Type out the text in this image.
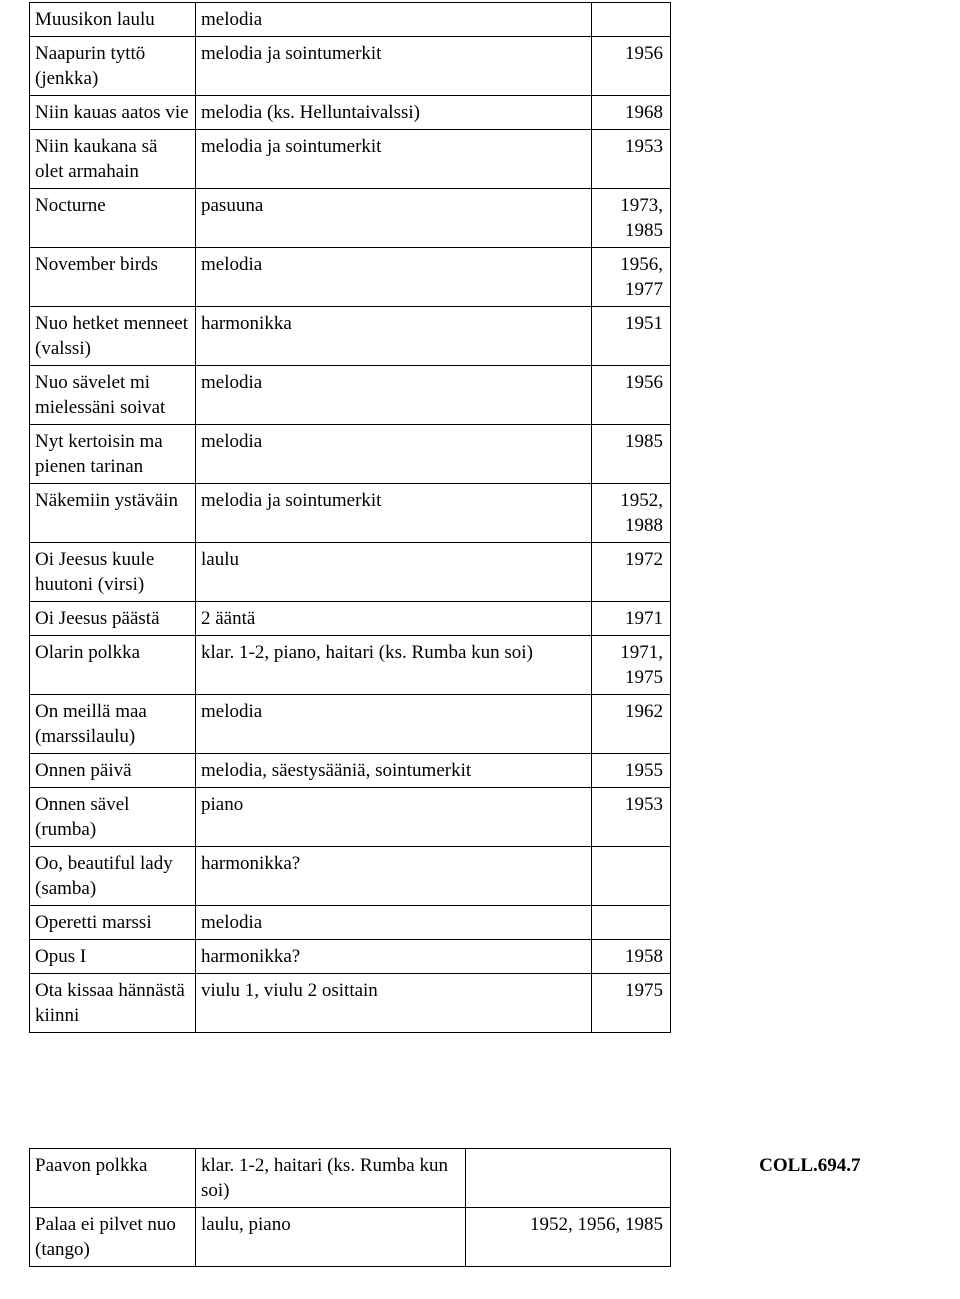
Muusikon laulu	melodia	
Naapurin tyttö (jenkka)	melodia ja sointumerkit	1956
Niin kauas aatos vie	melodia (ks. Helluntaivalssi)	1968
Niin kaukana sä olet armahain	melodia ja sointumerkit	1953
Nocturne	pasuuna	1973, 1985
November birds	melodia	1956, 1977
Nuo hetket menneet (valssi)	harmonikka	1951
Nuo sävelet mi mielessäni soivat	melodia	1956
Nyt kertoisin ma pienen tarinan	melodia	1985
Näkemiin ystäväin	melodia ja sointumerkit	1952, 1988
Oi Jeesus kuule huutoni (virsi)	laulu	1972
Oi Jeesus päästä	2 ääntä	1971
Olarin polkka	klar. 1-2, piano, haitari (ks. Rumba kun soi)	1971, 1975
On meillä maa (marssilaulu)	melodia	1962
Onnen päivä	melodia, säestysääniä, sointumerkit	1955
Onnen sävel (rumba)	piano	1953
Oo, beautiful lady (samba)	harmonikka?	
Operetti marssi	melodia	
Opus I	harmonikka?	1958
Ota kissaa hännästä kiinni	viulu 1, viulu 2 osittain	1975
Paavon polkka	klar. 1-2, haitari (ks. Rumba kun soi)		COLL.694.7
Palaa ei pilvet nuo (tango)	laulu, piano	1952, 1956, 1985	
